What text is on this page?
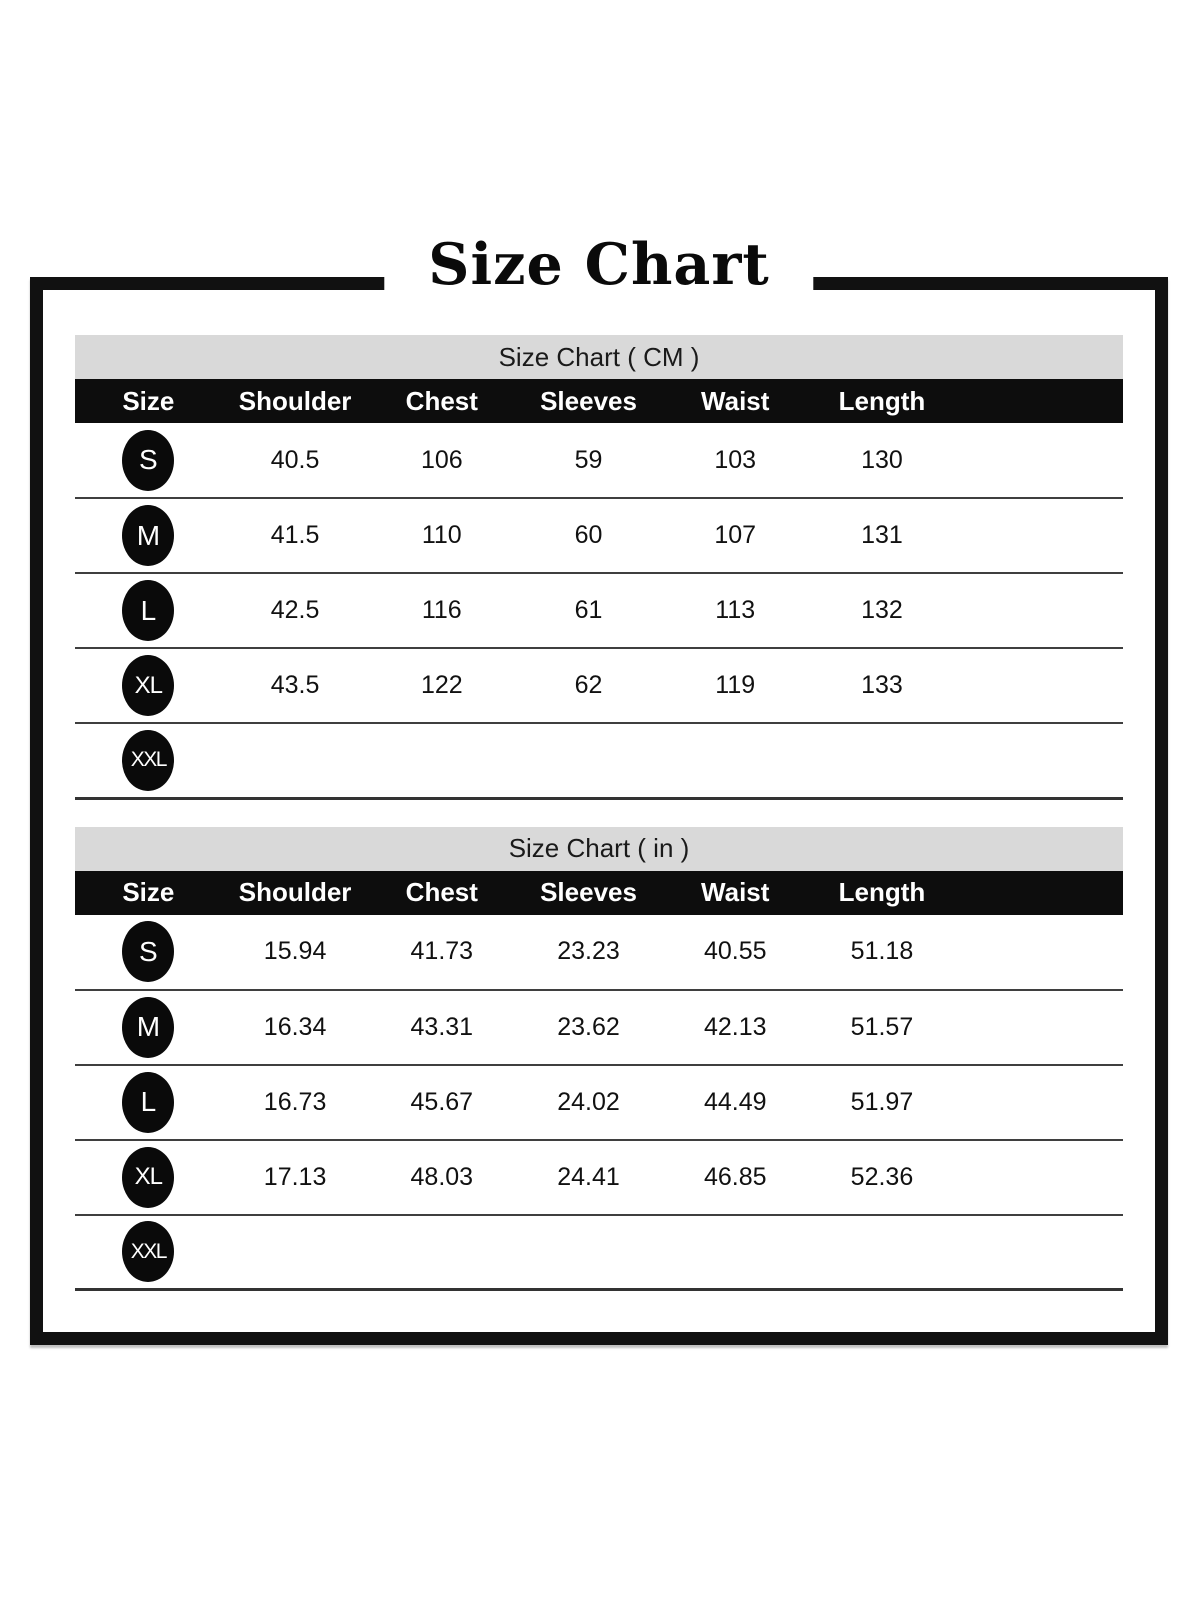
Size Chart
Size Chart ( CM )						
Size	Shoulder	Chest	Sleeves	Waist	Length	
S	40.5	106	59	103	130	
M	41.5	110	60	107	131	
L	42.5	116	61	113	132	
XL	43.5	122	62	119	133	
XXL						
Size Chart ( in )						
Size	Shoulder	Chest	Sleeves	Waist	Length	
S	15.94	41.73	23.23	40.55	51.18	
M	16.34	43.31	23.62	42.13	51.57	
L	16.73	45.67	24.02	44.49	51.97	
XL	17.13	48.03	24.41	46.85	52.36	
XXL						
